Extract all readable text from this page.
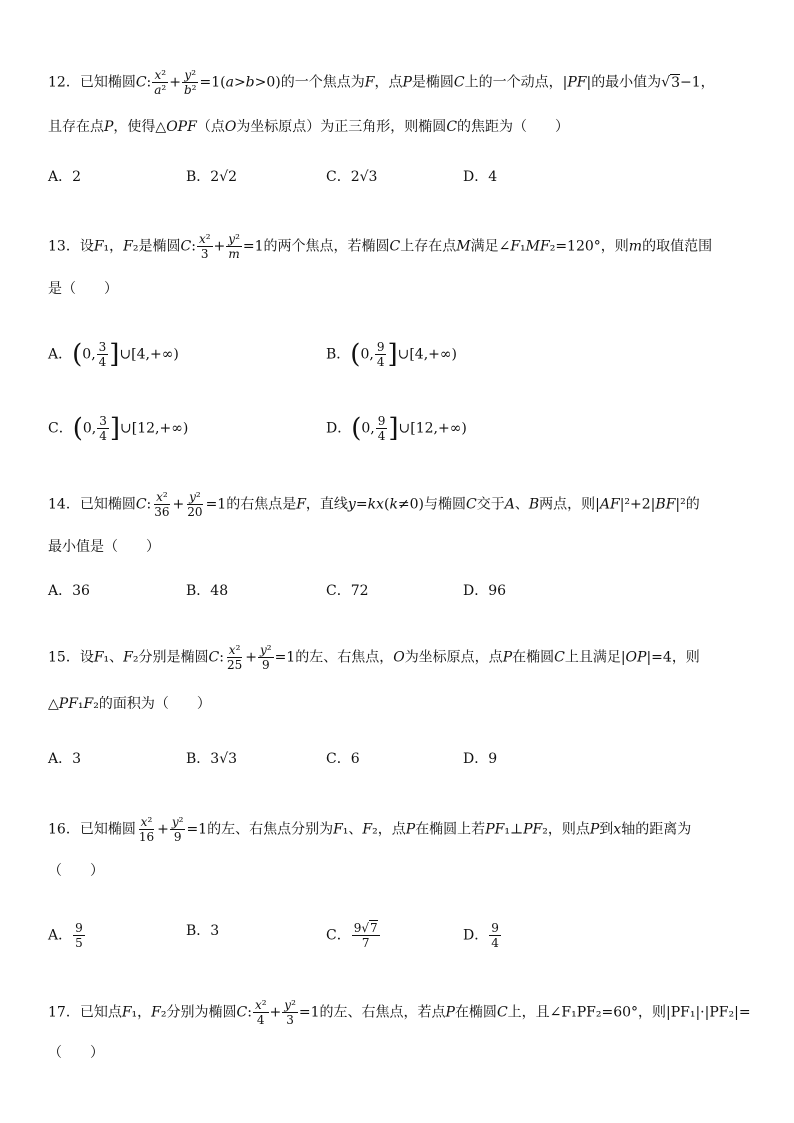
12．已知椭圆C: $\frac{\text{x²}}{\text{a²}} + \frac{\text{y²}}{\text{b²}} =1(a>b>0)$的一个焦点为F，点P是椭圆C上的一个动点，|PF|的最小值为√3−1，
且存在点P，使得△OPF（点O为坐标原点）为正三角形，则椭圆C的焦距为（　　）
A．2	B．2√2	C．2√3	D．4
13．设F₁，F₂是椭圆C: $\frac{\text{x²}}{3} + \frac{\text{y²}}{m} =1$的两个焦点，若椭圆C上存在点M满足∠F₁MF₂=120°，则m的取值范围
是（　　）
A．(0, $\frac{3}{4}$ ]∪[4,+∞)	B．(0, $\frac{9}{4}$ ]∪[4,+∞)
C．(0, $\frac{3}{4}$ ]∪[12,+∞)	D．(0, $\frac{9}{4}$ ]∪[12,+∞)
14．已知椭圆C: $\frac{\text{x²}}{36} + \frac{\text{y²}}{20} =1$的右焦点是F，直线y=kx(k≠0)与椭圆C交于A、B两点，则|AF|²+2|BF|²的
最小值是（　　）
A．36	B．48	C．72	D．96
15．设F₁、F₂分别是椭圆C: $\frac{\text{x²}}{25} + \frac{\text{y²}}{9} =1$的左、右焦点，O为坐标原点，点P在椭圆C上且满足|OP|=4，则
△PF₁F₂的面积为（　　）
A．3	B．3√3	C．6	D．9
16．已知椭圆 $\frac{\text{x²}}{16} + \frac{\text{y²}}{9} =1$的左、右焦点分别为F₁、F₂，点P在椭圆上若PF₁⊥PF₂，则点P到x轴的距离为
（　　）
A． $\frac{9}{5}$	B．3	C． $\frac{9√7}{7}$	D． $\frac{9}{4}$
17．已知点F₁，F₂分别为椭圆C: $\frac{\text{x²}}{4} + \frac{\text{y²}}{3} =1$的左、右焦点，若点P在椭圆C上，且∠F₁PF₂=60°，则|PF₁|·|PF₂|=
（　　）
